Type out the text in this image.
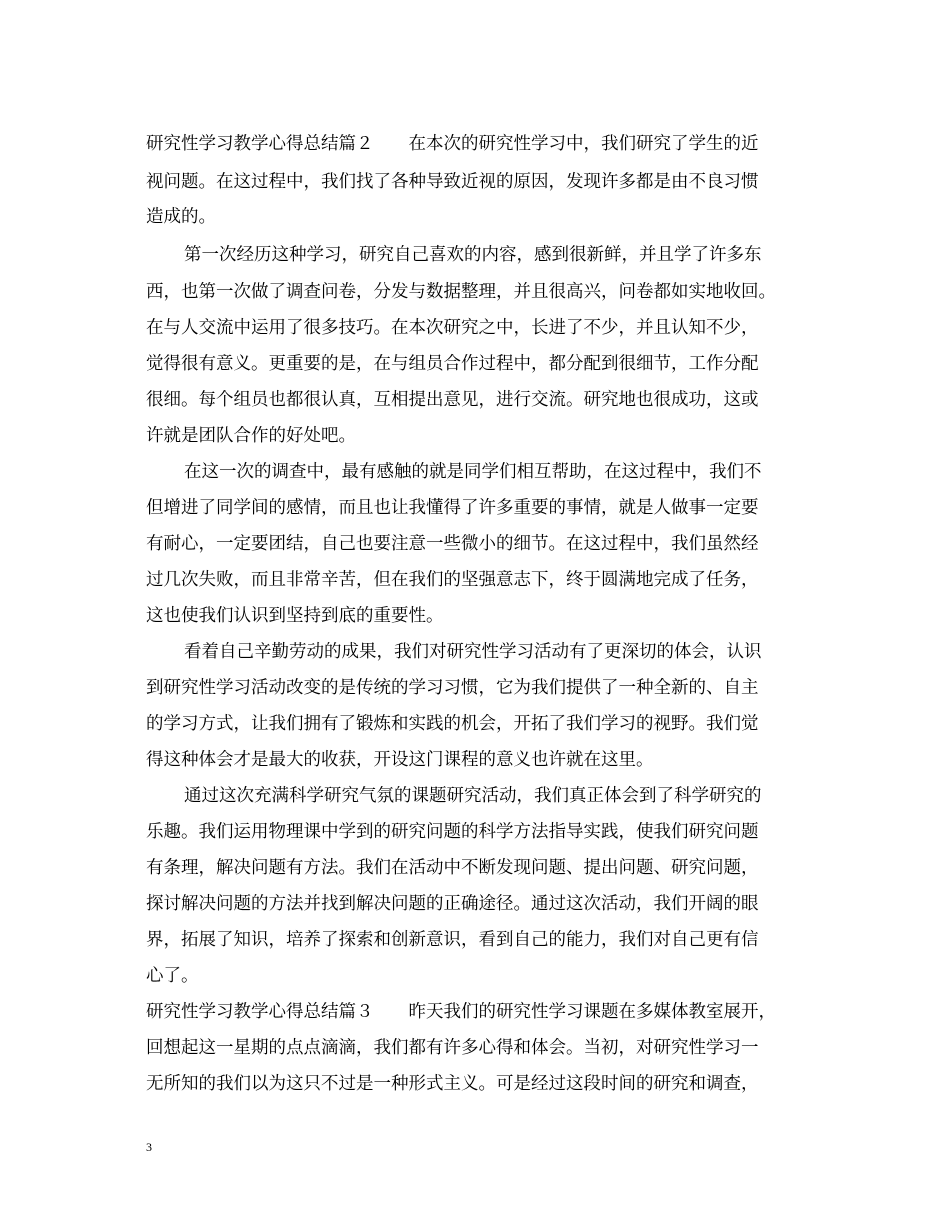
研究性学习教学心得总结篇２　　在本次的研究性学习中，我们研究了学生的近

视问题。在这过程中，我们找了各种导致近视的原因，发现许多都是由不良习惯

造成的。

第一次经历这种学习，研究自己喜欢的内容，感到很新鲜，并且学了许多东

西，也第一次做了调查问卷，分发与数据整理，并且很高兴，问卷都如实地收回。

在与人交流中运用了很多技巧。在本次研究之中，长进了不少，并且认知不少，

觉得很有意义。更重要的是，在与组员合作过程中，都分配到很细节，工作分配

很细。每个组员也都很认真，互相提出意见，进行交流。研究地也很成功，这或

许就是团队合作的好处吧。

在这一次的调查中，最有感触的就是同学们相互帮助，在这过程中，我们不

但增进了同学间的感情，而且也让我懂得了许多重要的事情，就是人做事一定要

有耐心，一定要团结，自己也要注意一些微小的细节。在这过程中，我们虽然经

过几次失败，而且非常辛苦，但在我们的坚强意志下，终于圆满地完成了任务，

这也使我们认识到坚持到底的重要性。

看着自己辛勤劳动的成果，我们对研究性学习活动有了更深切的体会，认识

到研究性学习活动改变的是传统的学习习惯，它为我们提供了一种全新的、自主

的学习方式，让我们拥有了锻炼和实践的机会，开拓了我们学习的视野。我们觉

得这种体会才是最大的收获，开设这门课程的意义也许就在这里。

通过这次充满科学研究气氛的课题研究活动，我们真正体会到了科学研究的

乐趣。我们运用物理课中学到的研究问题的科学方法指导实践，使我们研究问题

有条理，解决问题有方法。我们在活动中不断发现问题、提出问题、研究问题，

探讨解决问题的方法并找到解决问题的正确途径。通过这次活动，我们开阔的眼

界，拓展了知识，培养了探索和创新意识，看到自己的能力，我们对自己更有信

心了。

研究性学习教学心得总结篇３　　昨天我们的研究性学习课题在多媒体教室展开，

回想起这一星期的点点滴滴，我们都有许多心得和体会。当初，对研究性学习一

无所知的我们以为这只不过是一种形式主义。可是经过这段时间的研究和调查，

3
